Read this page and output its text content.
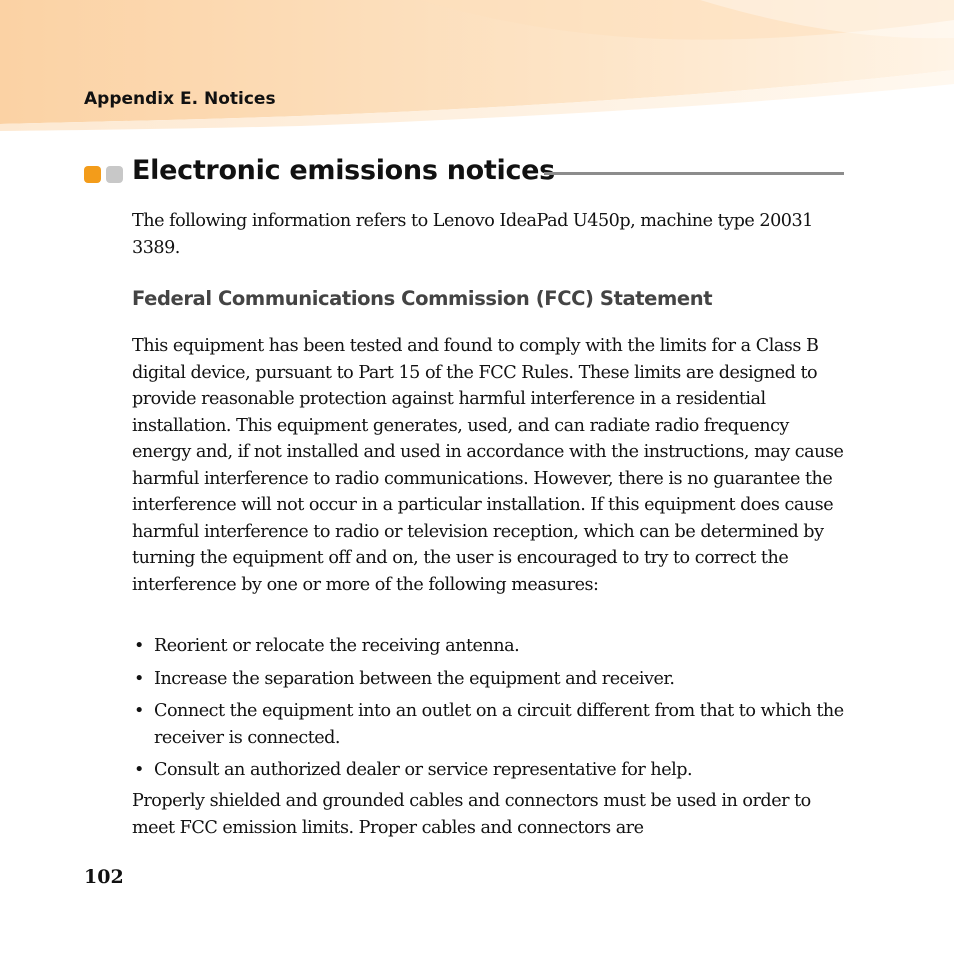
Appendix E. Notices
Electronic emissions notices

The following information refers to Lenovo IdeaPad U450p, machine type 20031 3389.

Federal Communications Commission (FCC) Statement

This equipment has been tested and found to comply with the limits for a Class B digital device, pursuant to Part 15 of the FCC Rules. These limits are designed to provide reasonable protection against harmful interference in a residential installation. This equipment generates, used, and can radiate radio frequency energy and, if not installed and used in accordance with the instructions, may cause harmful interference to radio communications. However, there is no guarantee the interference will not occur in a particular installation. If this equipment does cause harmful interference to radio or television reception, which can be determined by turning the equipment off and on, the user is encouraged to try to correct the interference by one or more of the following measures:

• Reorient or relocate the receiving antenna.
• Increase the separation between the equipment and receiver.
• Connect the equipment into an outlet on a circuit different from that to which the receiver is connected.
• Consult an authorized dealer or service representative for help.

Properly shielded and grounded cables and connectors must be used in order to meet FCC emission limits. Proper cables and connectors are

102
